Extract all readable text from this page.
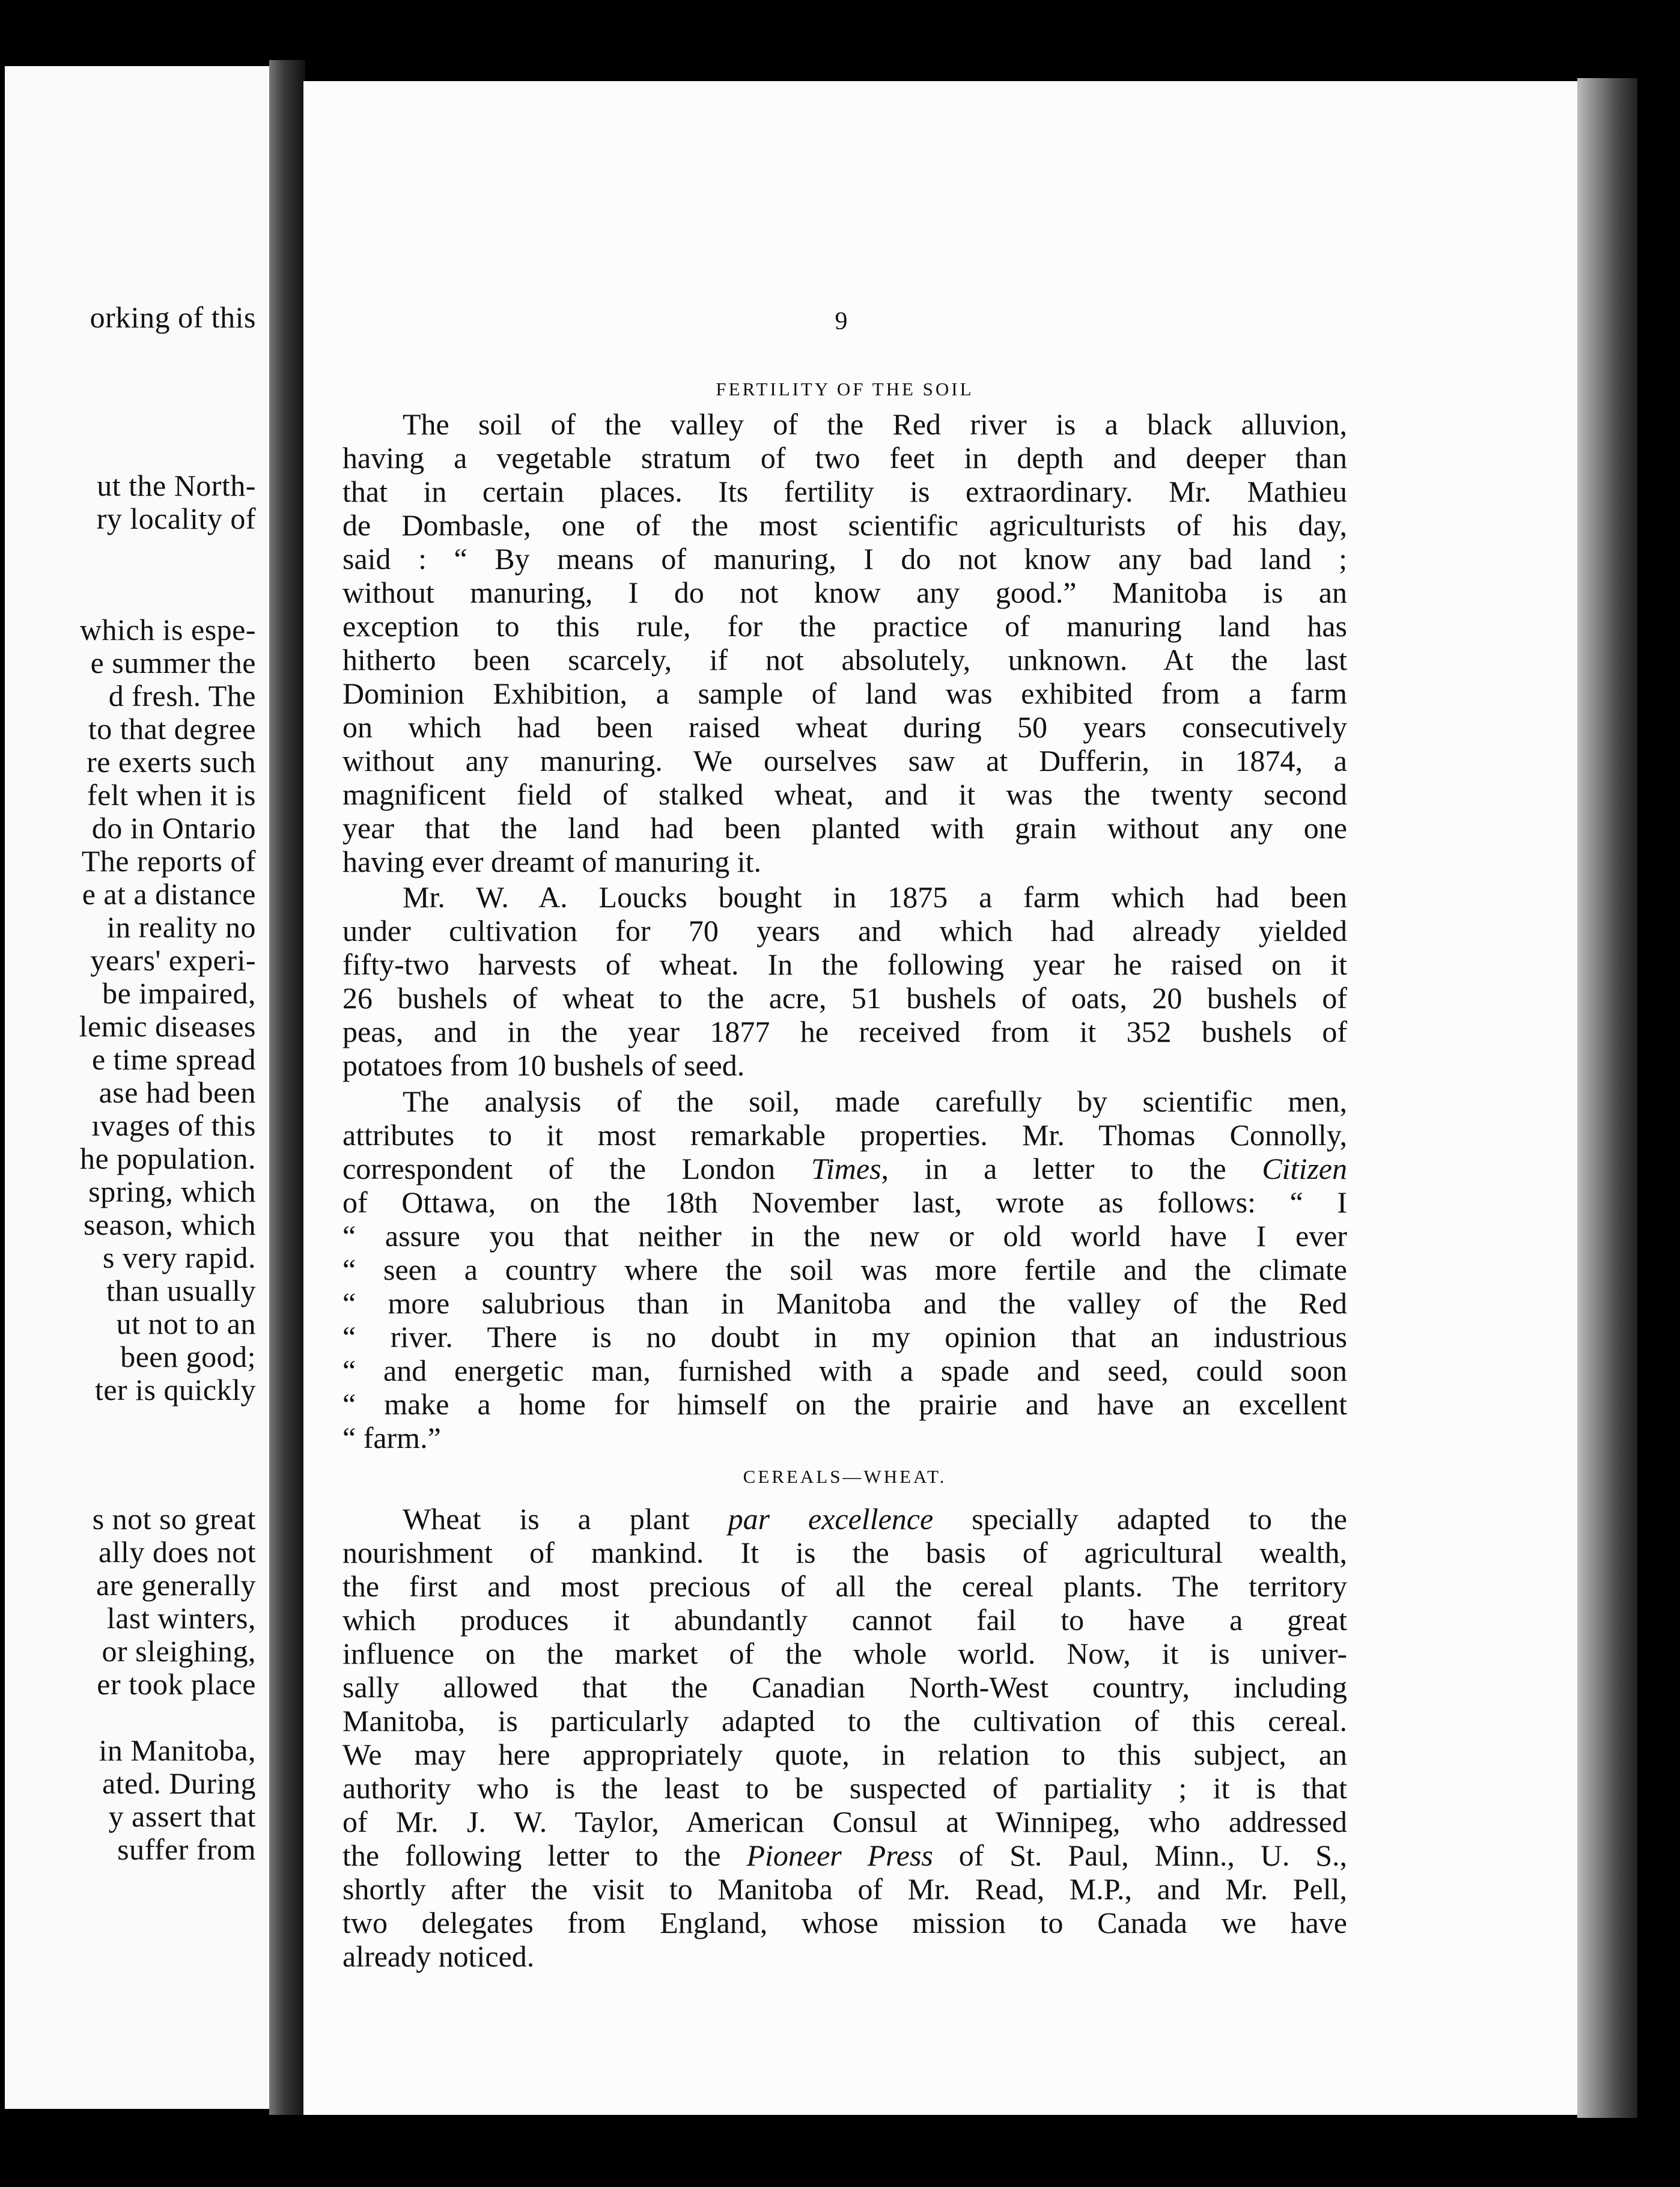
orking of this
ut the North-
ry locality of
which is espe-
e summer the
d fresh. The
to that degree
re exerts such
felt when it is
do in Ontario
The reports of
e at a distance
in reality no
years' experi-
be impaired,
lemic diseases
e time spread
ase had been
ıvages of this
he population.
spring, which
season, which
s very rapid.
than usually
ut not to an
been good;
ter is quickly
s not so great
ally does not
are generally
last winters,
or sleighing,
er took place
in Manitoba,
ated. During
y assert that
suffer from
9
FERTILITY OF THE SOIL
The soil of the valley of the Red river is a black alluvion,
having a vegetable stratum of two feet in depth and deeper than
that in certain places. Its fertility is extraordinary. Mr. Mathieu
de Dombasle, one of the most scientific agriculturists of his day,
said : “ By means of manuring, I do not know any bad land ;
without manuring, I do not know any good.” Manitoba is an
exception to this rule, for the practice of manuring land has
hitherto been scarcely, if not absolutely, unknown. At the last
Dominion Exhibition, a sample of land was exhibited from a farm
on which had been raised wheat during 50 years consecutively
without any manuring. We ourselves saw at Dufferin, in 1874, a
magnificent field of stalked wheat, and it was the twenty second
year that the land had been planted with grain without any one
having ever dreamt of manuring it.
Mr. W. A. Loucks bought in 1875 a farm which had been
under cultivation for 70 years and which had already yielded
fifty-two harvests of wheat. In the following year he raised on it
26 bushels of wheat to the acre, 51 bushels of oats, 20 bushels of
peas, and in the year 1877 he received from it 352 bushels of
potatoes from 10 bushels of seed.
The analysis of the soil, made carefully by scientific men,
attributes to it most remarkable properties. Mr. Thomas Connolly,
correspondent of the London Times, in a letter to the Citizen
of Ottawa, on the 18th November last, wrote as follows: “ I
“ assure you that neither in the new or old world have I ever
“ seen a country where the soil was more fertile and the climate
“ more salubrious than in Manitoba and the valley of the Red
“ river. There is no doubt in my opinion that an industrious
“ and energetic man, furnished with a spade and seed, could soon
“ make a home for himself on the prairie and have an excellent
“ farm.”
CEREALS—WHEAT.
Wheat is a plant par excellence specially adapted to the
nourishment of mankind. It is the basis of agricultural wealth,
the first and most precious of all the cereal plants. The territory
which produces it abundantly cannot fail to have a great
influence on the market of the whole world. Now, it is univer-
sally allowed that the Canadian North-West country, including
Manitoba, is particularly adapted to the cultivation of this cereal.
We may here appropriately quote, in relation to this subject, an
authority who is the least to be suspected of partiality ; it is that
of Mr. J. W. Taylor, American Consul at Winnipeg, who addressed
the following letter to the Pioneer Press of St. Paul, Minn., U. S.,
shortly after the visit to Manitoba of Mr. Read, M.P., and Mr. Pell,
two delegates from England, whose mission to Canada we have
already noticed.
